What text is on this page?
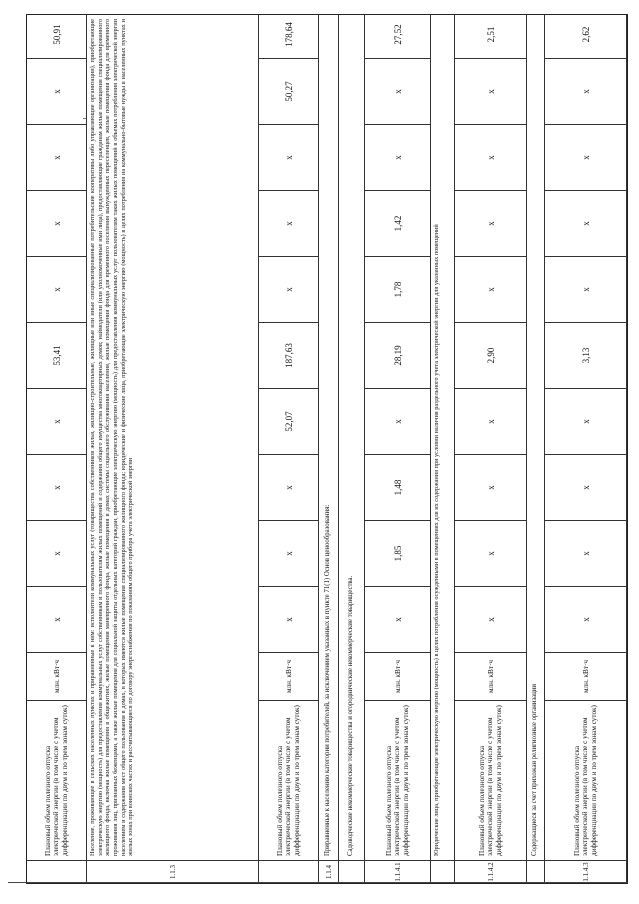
Плановый объем полезного отпуска электрической энергии (в том числе с учетом дифференциации по двум и по трем зонам суток)
млн. кВт·ч
х
х
х
х
53,41
х
х
х
х
50,91
1.1.3
Население, проживающее в сельских населенных пунктах и приравненные к ним: исполнители коммунальных услуг (товарищества собственников жилья, жилищно-строительные, жилищные или иные специализированные потребительские кооперативы либо управляющие организации), приобретающие электрическую энергию (мощность) для предоставления коммунальных услуг собственникам и пользователям жилых помещений и содержания общего имущества многоквартирных домов; наймодатели (или уполномоченные ими лица), предоставляющие гражданам жилые помещения специализированного жилищного фонда, включая жилые помещения в общежитиях, жилые помещения маневренного фонда, жилые помещения в домах системы социального обслуживания населения, жилые помещения фонда для временного поселения вынужденных переселенцев, жилые помещения фонда для временного проживания лиц, признанных беженцами, а также жилые помещения для социальной защиты отдельных категорий граждан, приобретающие электрическую энергию (мощность) для предоставления коммунальных услуг пользователям таких жилых помещений в объемах потребления электрической энергии населением и содержания мест общего пользования в домах, в которых имеются жилые помещения специализированного жилищного фонда; юридические и физические лица, приобретающие электрическую энергию (мощность) в целях потребления на коммунально-бытовые нужды в населенных пунктах и жилых зонах при воинских частях и рассчитывающиеся по договору энергоснабжения по показаниям общего прибора учета электрической энергии	Плановый объем полезного отпуска электрической энергии (в том числе с учетом дифференциации по двум и по трем зонам суток)
млн. кВт·ч
х
х
х
52,07
187,63
х
х
х
50,27
178,64
1.1.4
Приравненные к населению категории потребителей, за исключением указанных в пункте 71(1) Основ ценообразования:	Садоводческие некоммерческие товарищества и огороднические некоммерческие товарищества.
1.1.4.1
Плановый объем полезного отпуска электрической энергии (в том числе с учетом дифференциации по двум и по трем зонам суток)
млн. кВт·ч
х
1,85
1,48
х
28,19
1,78
1,42
х
х
27,52
Юридические лица, приобретающие электрическую энергию (мощность) в целях потребления осужденными в помещениях для их содержания при условии наличия раздельного учета электрической энергии для указанных помещений
1.1.4.2
Плановый объем полезного отпуска электрической энергии (в том числе с учетом дифференциации по двум и по трем зонам суток)
млн. кВт·ч
х
х
х
х
2,90
х
х
х
х
2,51
Содержащиеся за счет прихожан религиозные организации
1.1.4.3
Плановый объем полезного отпуска электрической энергии (в том числе с учетом дифференциации по двум и по трем зонам суток)
млн. кВт·ч
х
х
х
х
3,13
х
х
х
х
2,62
